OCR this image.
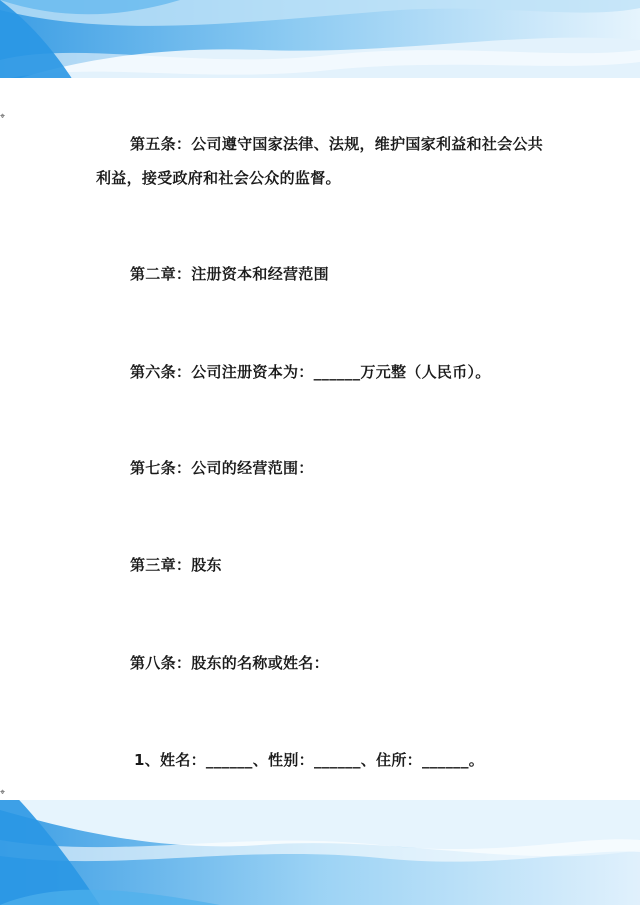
⌖
⌖

第五条：公司遵守国家法律、法规，维护国家利益和社会公共利益，接受政府和社会公众的监督。

第二章：注册资本和经营范围

第六条：公司注册资本为：______万元整（人民币）。

第七条：公司的经营范围：

第三章：股东

第八条：股东的名称或姓名：

1、姓名：______、性别：______、住所：______。
